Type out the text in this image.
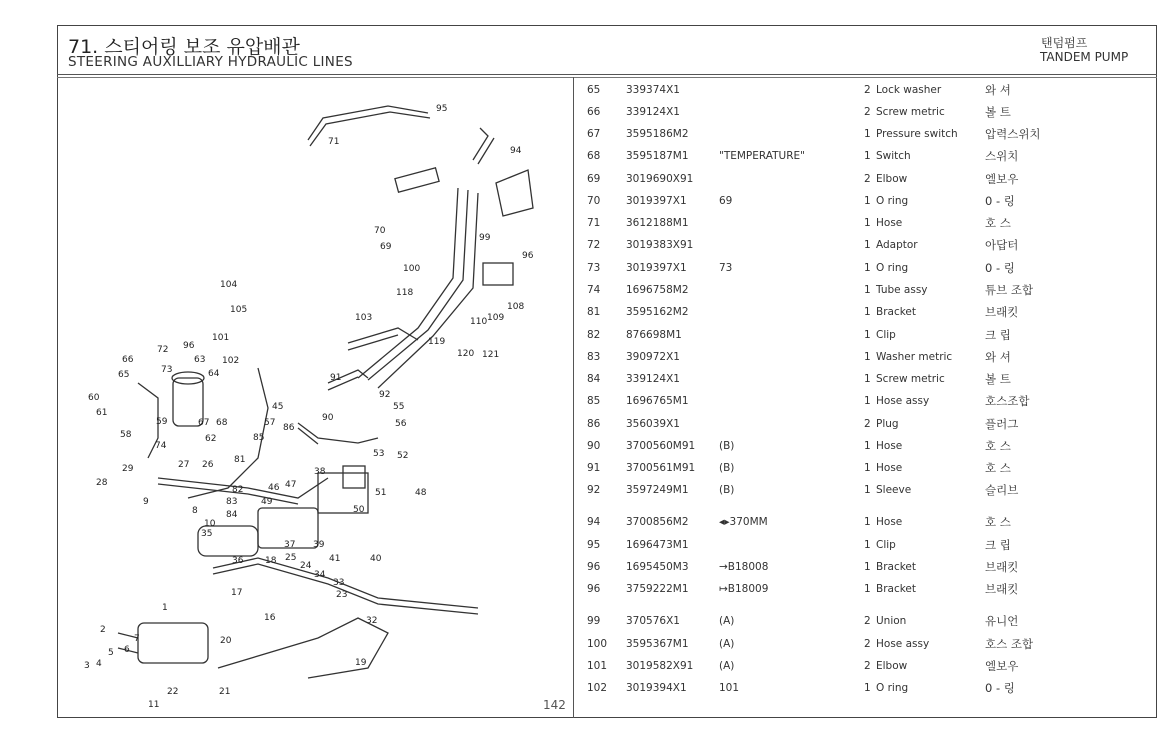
71. 스티어링 보조 유압배관
STEERING AUXILLIARY HYDRAULIC LINES
탠덤펌프
TANDEM PUMP
142
65 339374X1	2 Lock washer	와 셔
66 339124X1	2 Screw metric	볼 트
67 3595186M2	1 Pressure switch 압력스위치
68 3595187M1	"TEMPERATURE"	1 Switch	스위치
69 3019690X91	2 Elbow	엘보우
70 3019397X1	69	1 O ring	0 - 링
71 3612188M1	1 Hose	호 스
72 3019383X91	1 Adaptor	아답터
73 3019397X1	73	1 O ring	0 - 링
74 1696758M2	1 Tube assy	튜브 조합
81 3595162M2	1 Bracket	브래킷
82 876698M1	1 Clip	크 립
83 390972X1	1 Washer metric	와 셔
84 339124X1	1 Screw metric	볼 트
85 1696765M1	1 Hose assy	호스조합
86 356039X1	2 Plug	플러그
90 3700560M91 (B)	1 Hose	호 스
91 3700561M91 (B)	1 Hose	호 스
92 3597249M1	(B)	1 Sleeve	슬리브
94 3700856M2	◂▸370MM	1 Hose	호 스
95 1696473M1	1 Clip	크 립
96 1695450M3	→B18008	1 Bracket	브래킷
96 3759222M1	↦B18009	1 Bracket	브래킷
99 370576X1	(A)	2 Union	유니언
100 3595367M1	(A)	2 Hose assy	호스 조합
101 3019582X91 (A)	2 Elbow	엘보우
102 3019394X1	101	1 O ring	0 - 링
95
71
94
70
69
96
100
99
104
105
118
103
108
109
110
119
120 121
101
72 96
63
66
64
102
73
65
60
61
91
92
90
45	55
56
57
58
59	67 68
85
74
62
86
53 52
27 26
29
28
81
38
9
8
10
82
83
84
46 47
49
51	48
50
35
36 18
37 39
41	40
25
24
34
33
23
17
16	32
19
1
2
7
6
5
4
3
20
21
22
11
